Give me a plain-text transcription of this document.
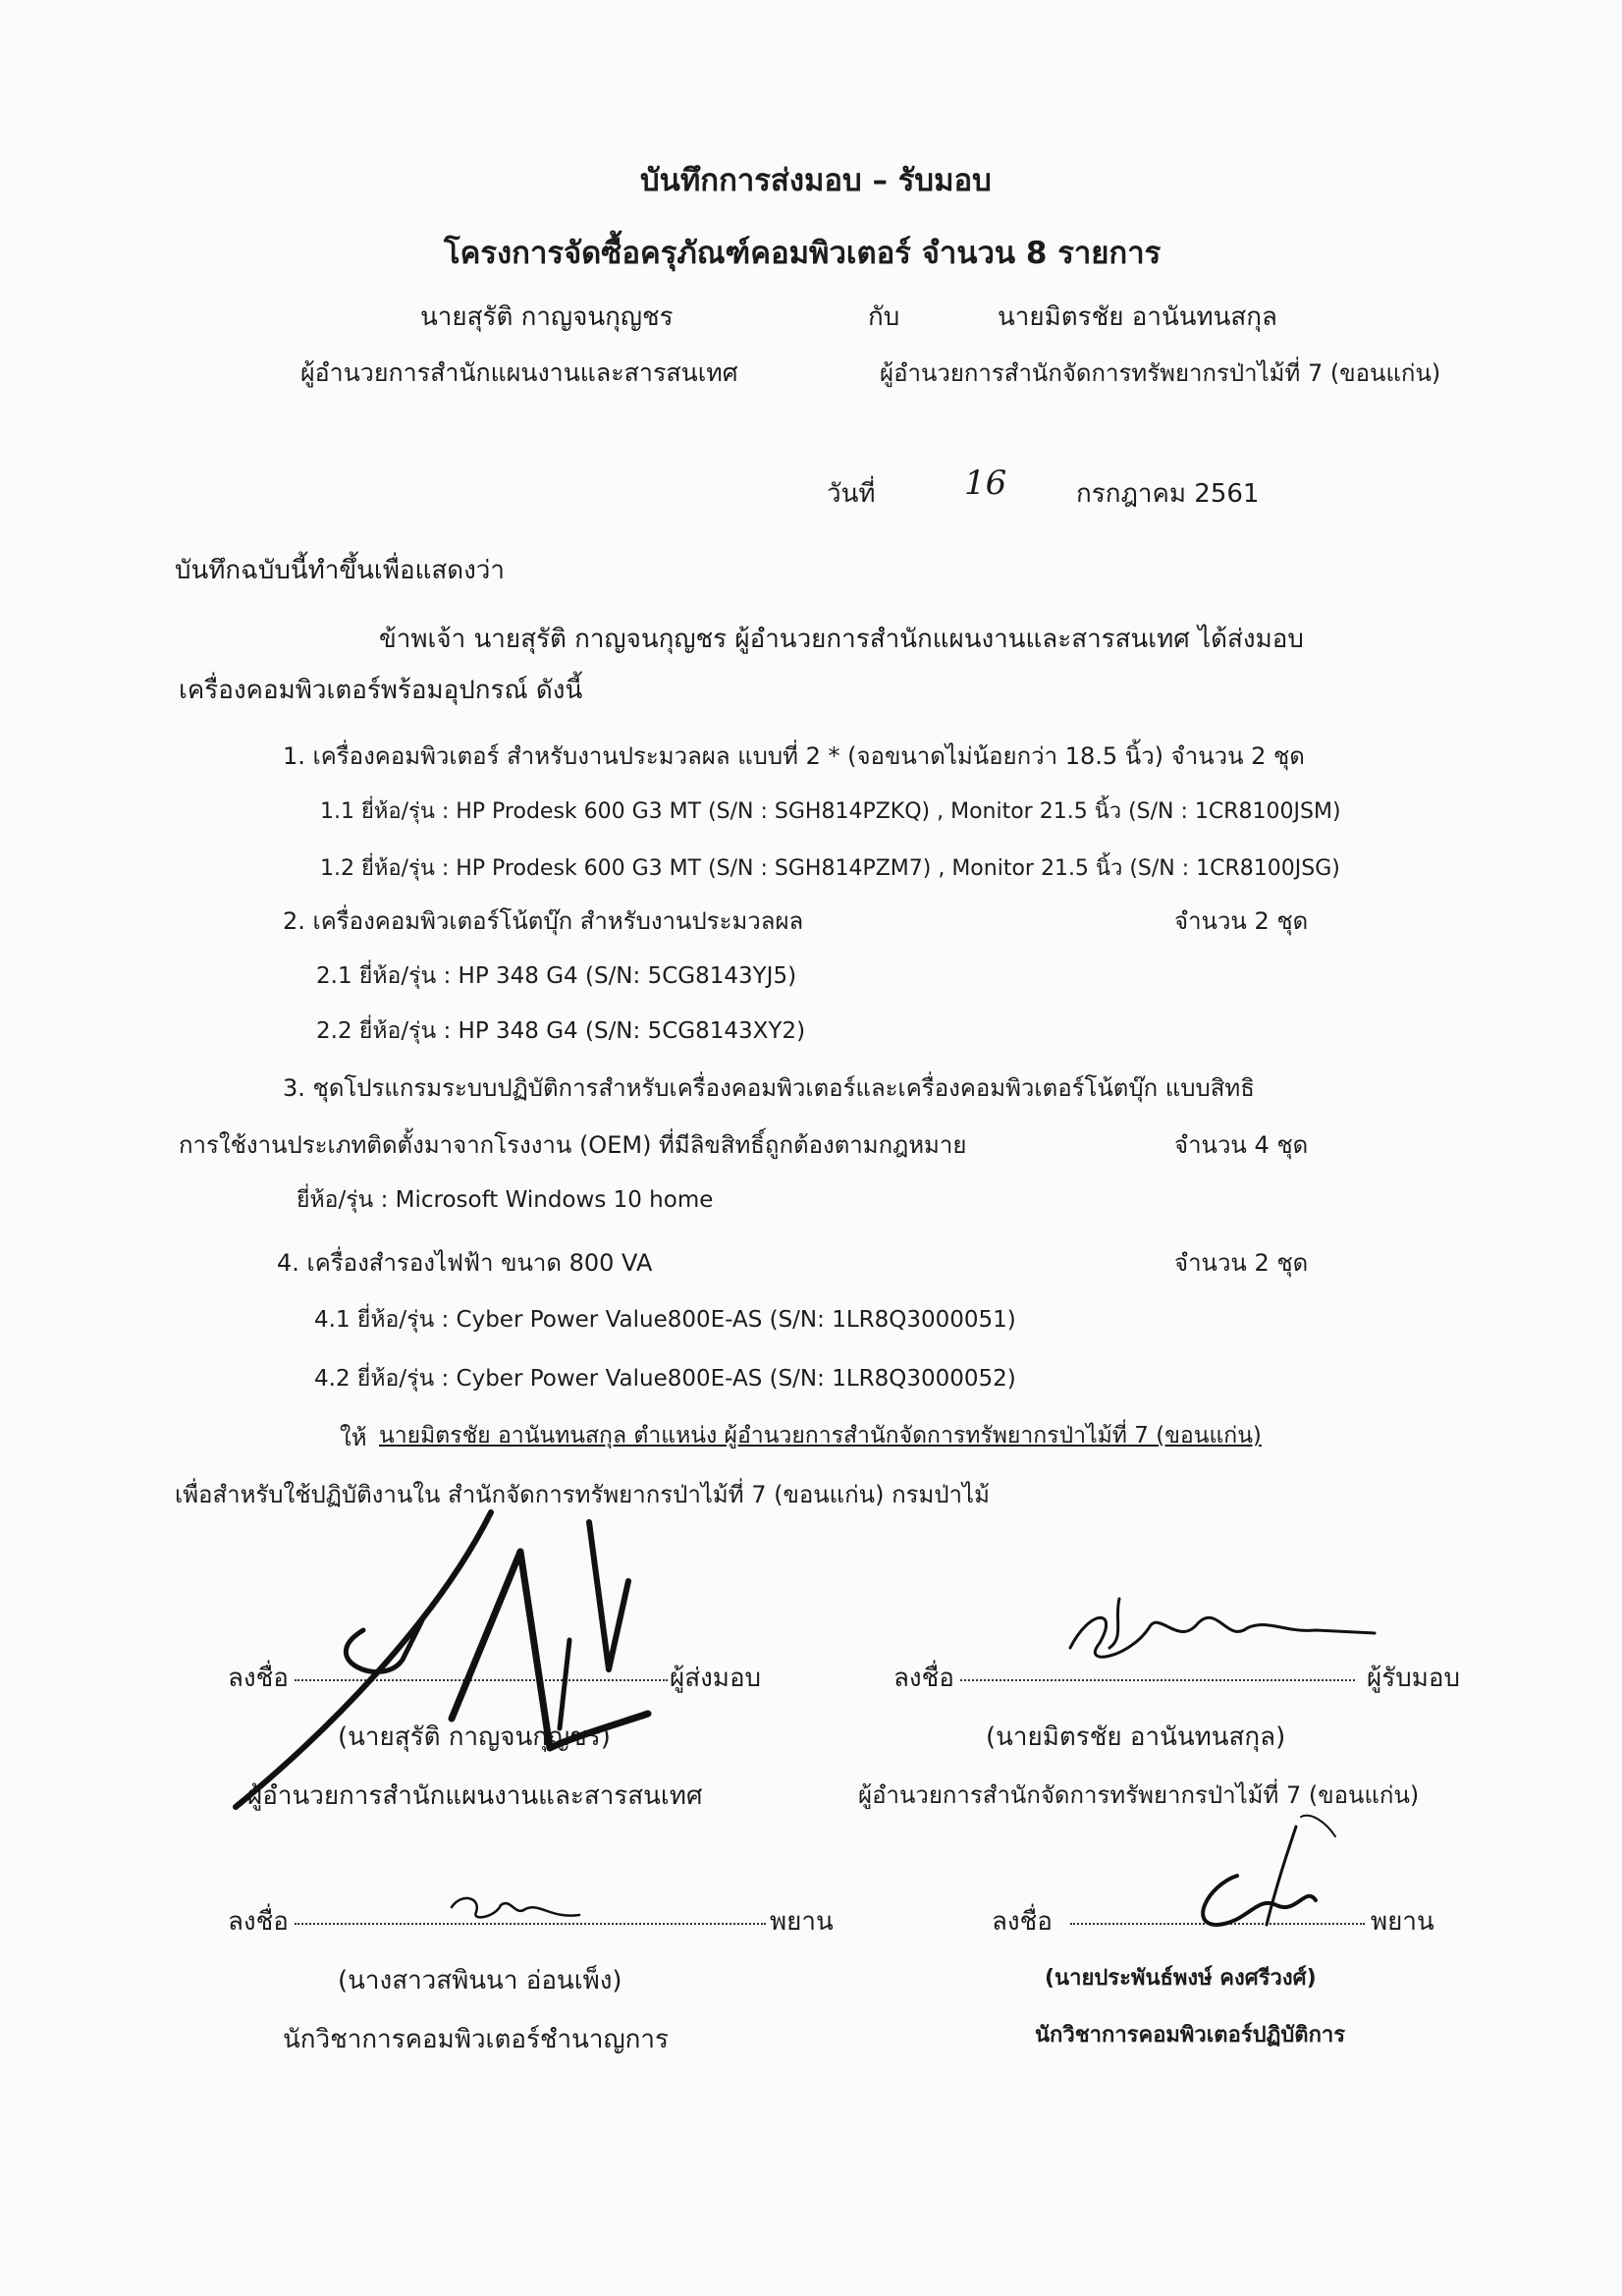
บันทึกการส่งมอบ – รับมอบ
โครงการจัดซื้อครุภัณฑ์คอมพิวเตอร์ จำนวน 8 รายการ
นายสุรัติ กาญจนกุญชร	กับ	นายมิตรชัย อานันทนสกุล
ผู้อำนวยการสำนักแผนงานและสารสนเทศ	ผู้อำนวยการสำนักจัดการทรัพยากรป่าไม้ที่ 7 (ขอนแก่น)
วันที่	16	กรกฎาคม 2561
บันทึกฉบับนี้ทำขึ้นเพื่อแสดงว่า
ข้าพเจ้า นายสุรัติ กาญจนกุญชร ผู้อำนวยการสำนักแผนงานและสารสนเทศ ได้ส่งมอบ
เครื่องคอมพิวเตอร์พร้อมอุปกรณ์ ดังนี้
1. เครื่องคอมพิวเตอร์ สำหรับงานประมวลผล แบบที่ 2 * (จอขนาดไม่น้อยกว่า 18.5 นิ้ว) จำนวน 2 ชุด
1.1 ยี่ห้อ/รุ่น : HP Prodesk 600 G3 MT (S/N : SGH814PZKQ) , Monitor 21.5 นิ้ว (S/N : 1CR8100JSM)
1.2 ยี่ห้อ/รุ่น : HP Prodesk 600 G3 MT (S/N : SGH814PZM7) , Monitor 21.5 นิ้ว (S/N : 1CR8100JSG)
2. เครื่องคอมพิวเตอร์โน้ตบุ๊ก สำหรับงานประมวลผล	จำนวน 2 ชุด
2.1 ยี่ห้อ/รุ่น : HP 348 G4 (S/N: 5CG8143YJ5)
2.2 ยี่ห้อ/รุ่น : HP 348 G4 (S/N: 5CG8143XY2)
3. ชุดโปรแกรมระบบปฏิบัติการสำหรับเครื่องคอมพิวเตอร์และเครื่องคอมพิวเตอร์โน้ตบุ๊ก แบบสิทธิ
การใช้งานประเภทติดตั้งมาจากโรงงาน (OEM) ที่มีลิขสิทธิ์ถูกต้องตามกฎหมาย	จำนวน 4 ชุด
ยี่ห้อ/รุ่น : Microsoft Windows 10 home
4. เครื่องสำรองไฟฟ้า ขนาด 800 VA	จำนวน 2 ชุด
4.1 ยี่ห้อ/รุ่น : Cyber Power Value800E-AS (S/N: 1LR8Q3000051)
4.2 ยี่ห้อ/รุ่น : Cyber Power Value800E-AS (S/N: 1LR8Q3000052)
ให้ นายมิตรชัย อานันทนสกุล ตำแหน่ง ผู้อำนวยการสำนักจัดการทรัพยากรป่าไม้ที่ 7 (ขอนแก่น)
เพื่อสำหรับใช้ปฏิบัติงานใน สำนักจัดการทรัพยากรป่าไม้ที่ 7 (ขอนแก่น) กรมป่าไม้
ลงชื่อ	ผู้ส่งมอบ
(นายสุรัติ กาญจนกุญชร)
ผู้อำนวยการสำนักแผนงานและสารสนเทศ
ลงชื่อ	ผู้รับมอบ
(นายมิตรชัย อานันทนสกุล)
ผู้อำนวยการสำนักจัดการทรัพยากรป่าไม้ที่ 7 (ขอนแก่น)
ลงชื่อ	พยาน
(นางสาวสพินนา อ่อนเพ็ง)
นักวิชาการคอมพิวเตอร์ชำนาญการ
ลงชื่อ	พยาน
(นายประพันธ์พงษ์ คงศรีวงศ์)
นักวิชาการคอมพิวเตอร์ปฏิบัติการ
